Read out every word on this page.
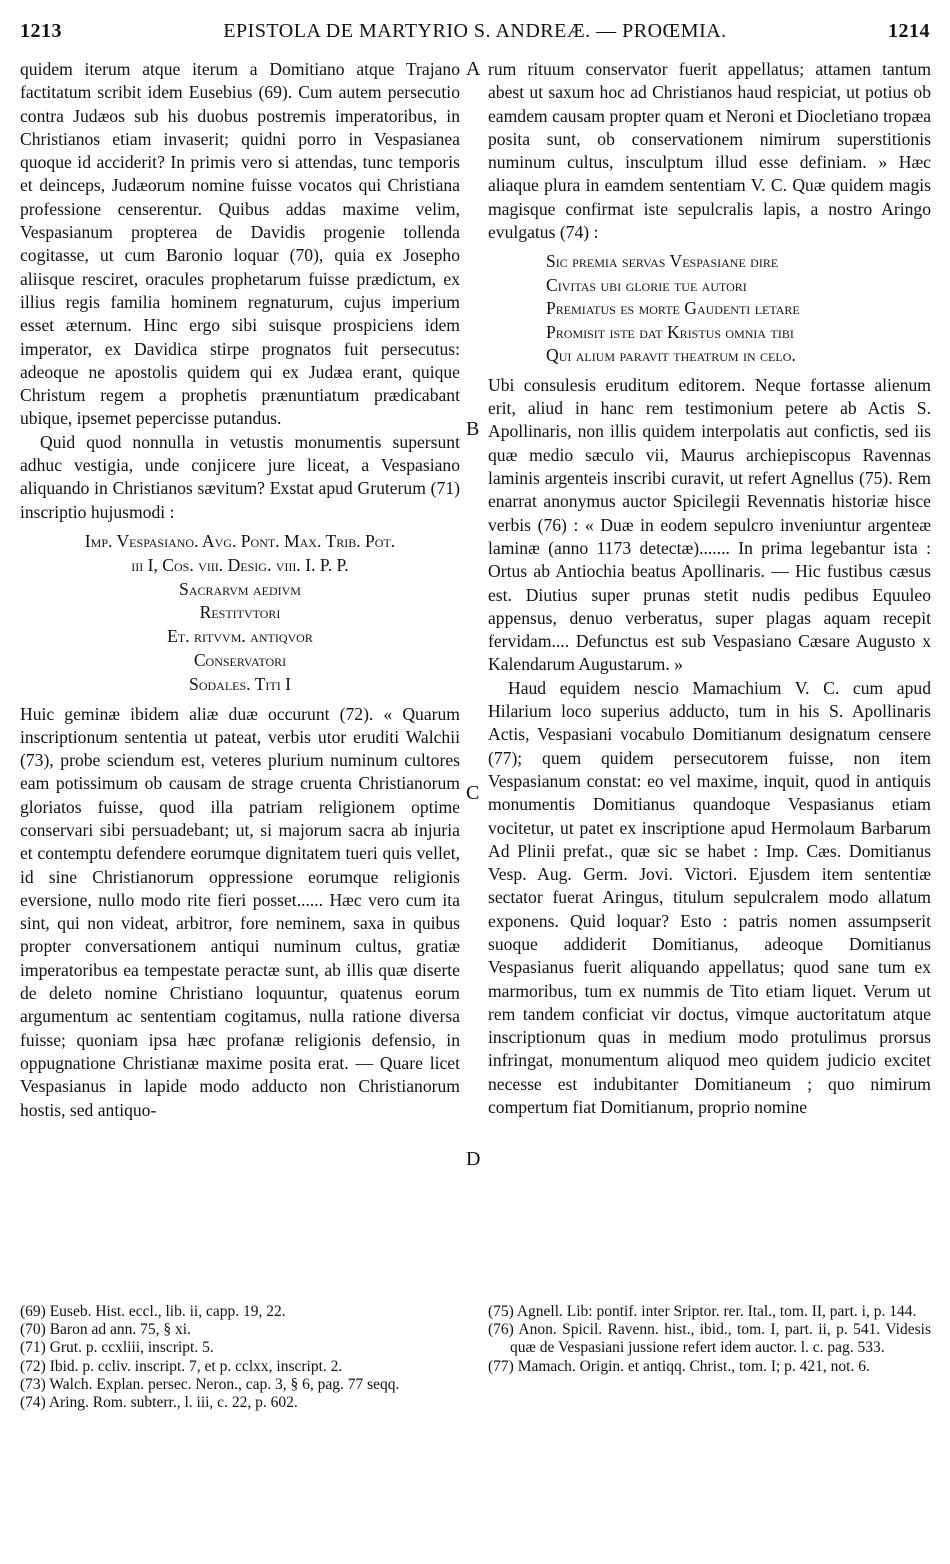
1213	EPISTOLA DE MARTYRIO S. ANDREÆ. — PROŒMIA.	1214

quidem iterum atque iterum a Domitiano atque Trajano factitatum scribit idem Eusebius (69). Cum autem persecutio contra Judæos sub his duobus postremis imperatoribus, in Christianos etiam invaserit; quidni porro in Vespasianea quoque id acciderit? In primis vero si attendas, tunc temporis et deinceps, Judæorum nomine fuisse vocatos qui Christiana professione censerentur. Quibus addas maxime velim, Vespasianum propterea de Davidis progenie tollenda cogitasse, ut cum Baronio loquar (70), quia ex Josepho aliisque resciret, oracules prophetarum fuisse prædictum, ex illius regis familia hominem regnaturum, cujus imperium esset æternum. Hinc ergo sibi suisque prospiciens idem imperator, ex Davidica stirpe prognatos fuit persecutus: adeoque ne apostolis quidem qui ex Judæa erant, quique Christum regem a prophetis prænuntiatum prædicabant ubique, ipsemet pepercisse putandus.

Quid quod nonnulla in vetustis monumentis supersunt adhuc vestigia, unde conjicere jure liceat, a Vespasiano aliquando in Christianos sævitum? Exstat apud Gruterum (71) inscriptio hujusmodi :

Imp. Vespasiano. Avg. Pont. Max. Trib. Pot.
iii I, Cos. viii. Desig. viii. I. P. P.
Sacrarvm aedivm
Restitvtori
Et. ritvvm. antiqvor
Conservatori
Sodales. Titi I

Huic geminæ ibidem aliæ duæ occurunt (72). « Quarum inscriptionum sententia ut pateat, verbis utor eruditi Walchii (73), probe sciendum est, veteres plurium numinum cultores eam potissimum ob causam de strage cruenta Christianorum gloriatos fuisse, quod illa patriam religionem optime conservari sibi persuadebant; ut, si majorum sacra ab injuria et contemptu defendere eorumque dignitatem tueri quis vellet, id sine Christianorum oppressione eorumque religionis eversione, nullo modo rite fieri posset...... Hæc vero cum ita sint, qui non videat, arbitror, fore neminem, saxa in quibus propter conversationem antiqui numinum cultus, gratiæ imperatoribus ea tempestate peractæ sunt, ab illis quæ diserte de deleto nomine Christiano loquuntur, quatenus eorum argumentum ac sententiam cogitamus, nulla ratione diversa fuisse; quoniam ipsa hæc profanæ religionis defensio, in oppugnatione Christianæ maxime posita erat. — Quare licet Vespasianus in lapide modo adducto non Christianorum hostis, sed antiquo-

A
B
C
D

rum rituum conservator fuerit appellatus; attamen tantum abest ut saxum hoc ad Christianos haud respiciat, ut potius ob eamdem causam propter quam et Neroni et Diocletiano tropæa posita sunt, ob conservationem nimirum superstitionis numinum cultus, insculptum illud esse definiam. » Hæc aliaque plura in eamdem sententiam V. C. Quæ quidem magis magisque confirmat iste sepulcralis lapis, a nostro Aringo evulgatus (74) :

Sic premia servas Vespasiane dire
Civitas ubi glorie tue autori
Premiatus es morte Gaudenti letare
Promisit iste dat Kristus omnia tibi
Qui alium paravit theatrum in celo.

Ubi consulesis eruditum editorem. Neque fortasse alienum erit, aliud in hanc rem testimonium petere ab Actis S. Apollinaris, non illis quidem interpolatis aut confictis, sed iis quæ medio sæculo vii, Maurus archiepiscopus Ravennas laminis argenteis inscribi curavit, ut refert Agnellus (75). Rem enarrat anonymus auctor Spicilegii Revennatis historiæ hisce verbis (76) : « Duæ in eodem sepulcro inveniuntur argenteæ laminæ (anno 1173 detectæ)....... In prima legebantur ista : Ortus ab Antiochia beatus Apollinaris. — Hic fustibus cæsus est. Diutius super prunas stetit nudis pedibus Equuleo appensus, denuo verberatus, super plagas aquam recepit fervidam.... Defunctus est sub Vespasiano Cæsare Augusto x Kalendarum Augustarum. »

Haud equidem nescio Mamachium V. C. cum apud Hilarium loco superius adducto, tum in his S. Apollinaris Actis, Vespasiani vocabulo Domitianum designatum censere (77); quem quidem persecutorem fuisse, non item Vespasianum constat: eo vel maxime, inquit, quod in antiquis monumentis Domitianus quandoque Vespasianus etiam vocitetur, ut patet ex inscriptione apud Hermolaum Barbarum Ad Plinii prefat., quæ sic se habet : Imp. Cæs. Domitianus Vesp. Aug. Germ. Jovi. Victori. Ejusdem item sententiæ sectator fuerat Aringus, titulum sepulcralem modo allatum exponens. Quid loquar? Esto : patris nomen assumpserit suoque addiderit Domitianus, adeoque Domitianus Vespasianus fuerit aliquando appellatus; quod sane tum ex marmoribus, tum ex nummis de Tito etiam liquet. Verum ut rem tandem conficiat vir doctus, vimque auctoritatum atque inscriptionum quas in medium modo protulimus prorsus infringat, monumentum aliquod meo quidem judicio excitet necesse est indubitanter Domitianeum ; quo nimirum compertum fiat Domitianum, proprio nomine

(69) Euseb. Hist. eccl., lib. ii, capp. 19, 22.
(70) Baron ad ann. 75, § xi.
(71) Grut. p. ccxliii, inscript. 5.
(72) Ibid. p. ccliv. inscript. 7, et p. cclxx, inscript. 2.
(73) Walch. Explan. persec. Neron., cap. 3, § 6, pag. 77 seqq.
(74) Aring. Rom. subterr., l. iii, c. 22, p. 602.
(75) Agnell. Lib: pontif. inter Sriptor. rer. Ital., tom. II, part. i, p. 144.
(76) Anon. Spicil. Ravenn. hist., ibid., tom. I, part. ii, p. 541. Videsis quæ de Vespasiani jussione refert idem auctor. l. c. pag. 533.
(77) Mamach. Origin. et antiqq. Christ., tom. I; p. 421, not. 6.
